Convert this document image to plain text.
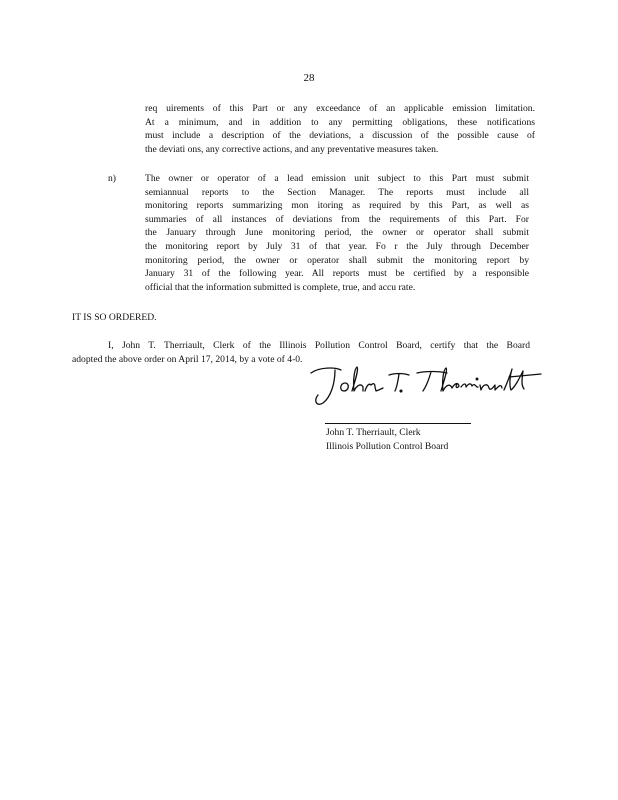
28
req uirements of this Part or any exceedance of an applicable emission limitation.
At a minimum, and in addition to any permitting obligations, these notifications
must include a description of the deviations, a discussion of the possible cause of
the deviati ons, any corrective actions, and any preventative measures taken.
n)	The owner or operator of a lead emission unit subject to this Part must submit
semiannual reports to the Section Manager. The reports must include all
monitoring reports summarizing mon itoring as required by this Part, as well as
summaries of all instances of deviations from the requirements of this Part. For
the January through June monitoring period, the owner or operator shall submit
the monitoring report by July 31 of that year. Fo r the July through December
monitoring period, the owner or operator shall submit the monitoring report by
January 31 of the following year. All reports must be certified by a responsible
official that the information submitted is complete, true, and accu rate.
IT IS SO ORDERED.
I, John T. Therriault, Clerk of the Illinois Pollution Control Board, certify that the Board
adopted the above order on April 17, 2014, by a vote of 4-0.
John T. Therriault, Clerk
Illinois Pollution Control Board
